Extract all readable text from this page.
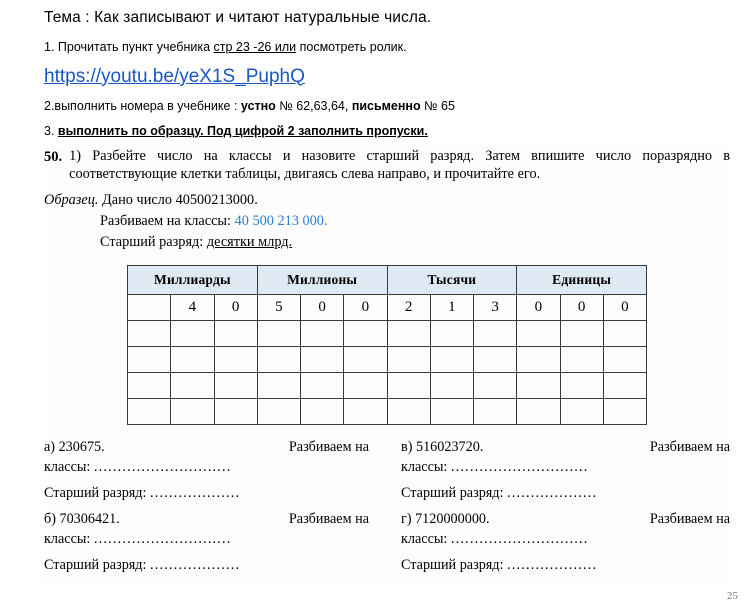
Тема : Как записывают и читают натуральные числа.
1. Прочитать пункт учебника стр 23 -26 или посмотреть ролик.
https://youtu.be/yeX1S_PuphQ
2.выполнить номера в учебнике : устно № 62,63,64, письменно № 65
3. выполнить по образцу. Под цифрой 2 заполнить пропуски.
50. 1) Разбейте число на классы и назовите старший разряд. Затем впишите число поразрядно в соответствующие клетки таблицы, двигаясь слева направо, и прочитайте его.
Образец. Дано число 40500213000.
Разбиваем на классы: 40 500 213 000.
Старший разряд: десятки млрд.
Миллиарды			Миллионы			Тысячи			Единицы		
	4	0	5	0	0	2	1	3	0	0	0

а) 230675.	Разбиваем на
классы: .............................
Старший разряд: ...................
б) 70306421.	Разбиваем на
классы: .............................
Старший разряд: ...................
в) 516023720.	Разбиваем на
классы: .............................
Старший разряд: ...................
г) 7120000000.	Разбиваем на
классы: .............................
Старший разряд: ...................
25
